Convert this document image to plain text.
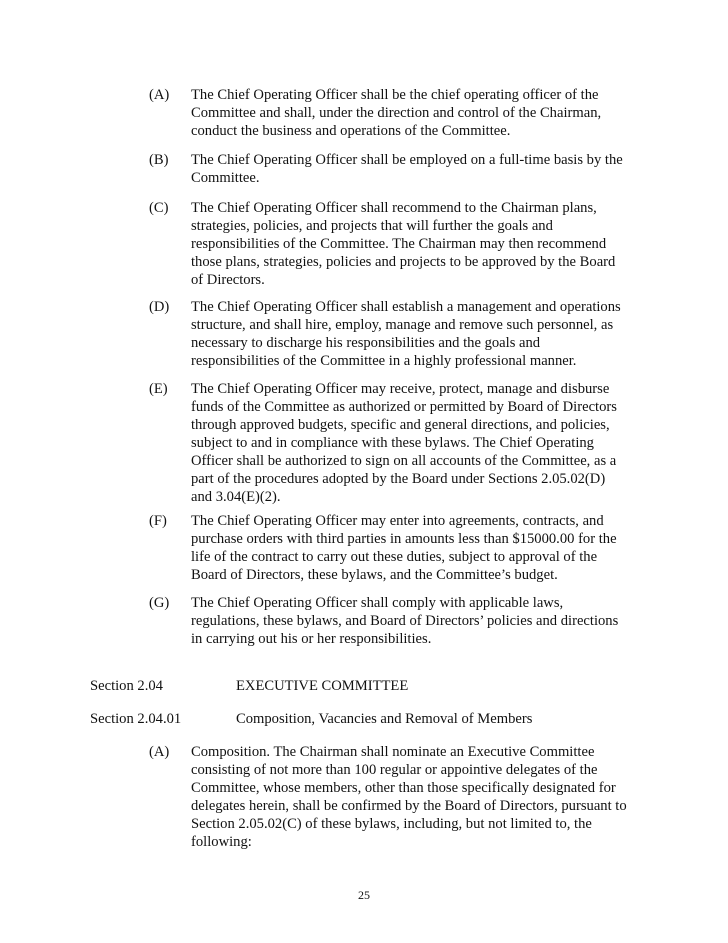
(A)	The Chief Operating Officer shall be the chief operating officer of the
Committee and shall, under the direction and control of the Chairman,
conduct the business and operations of the Committee.
(B)	The Chief Operating Officer shall be employed on a full-time basis by the
Committee.
(C)	The Chief Operating Officer shall recommend to the Chairman plans,
strategies, policies, and projects that will further the goals and
responsibilities of the Committee. The Chairman may then recommend
those plans, strategies, policies and projects to be approved by the Board
of Directors.
(D)	The Chief Operating Officer shall establish a management and operations
structure, and shall hire, employ, manage and remove such personnel, as
necessary to discharge his responsibilities and the goals and
responsibilities of the Committee in a highly professional manner.
(E)	The Chief Operating Officer may receive, protect, manage and disburse
funds of the Committee as authorized or permitted by Board of Directors
through approved budgets, specific and general directions, and policies,
subject to and in compliance with these bylaws. The Chief Operating
Officer shall be authorized to sign on all accounts of the Committee, as a
part of the procedures adopted by the Board under Sections 2.05.02(D)
and 3.04(E)(2).
(F)	The Chief Operating Officer may enter into agreements, contracts, and
purchase orders with third parties in amounts less than $15000.00 for the
life of the contract to carry out these duties, subject to approval of the
Board of Directors, these bylaws, and the Committee’s budget.
(G)	The Chief Operating Officer shall comply with applicable laws,
regulations, these bylaws, and Board of Directors’ policies and directions
in carrying out his or her responsibilities.
Section 2.04	EXECUTIVE COMMITTEE
Section 2.04.01	Composition, Vacancies and Removal of Members
(A)	Composition. The Chairman shall nominate an Executive Committee
consisting of not more than 100 regular or appointive delegates of the
Committee, whose members, other than those specifically designated for
delegates herein, shall be confirmed by the Board of Directors, pursuant to
Section 2.05.02(C) of these bylaws, including, but not limited to, the
following:
25
